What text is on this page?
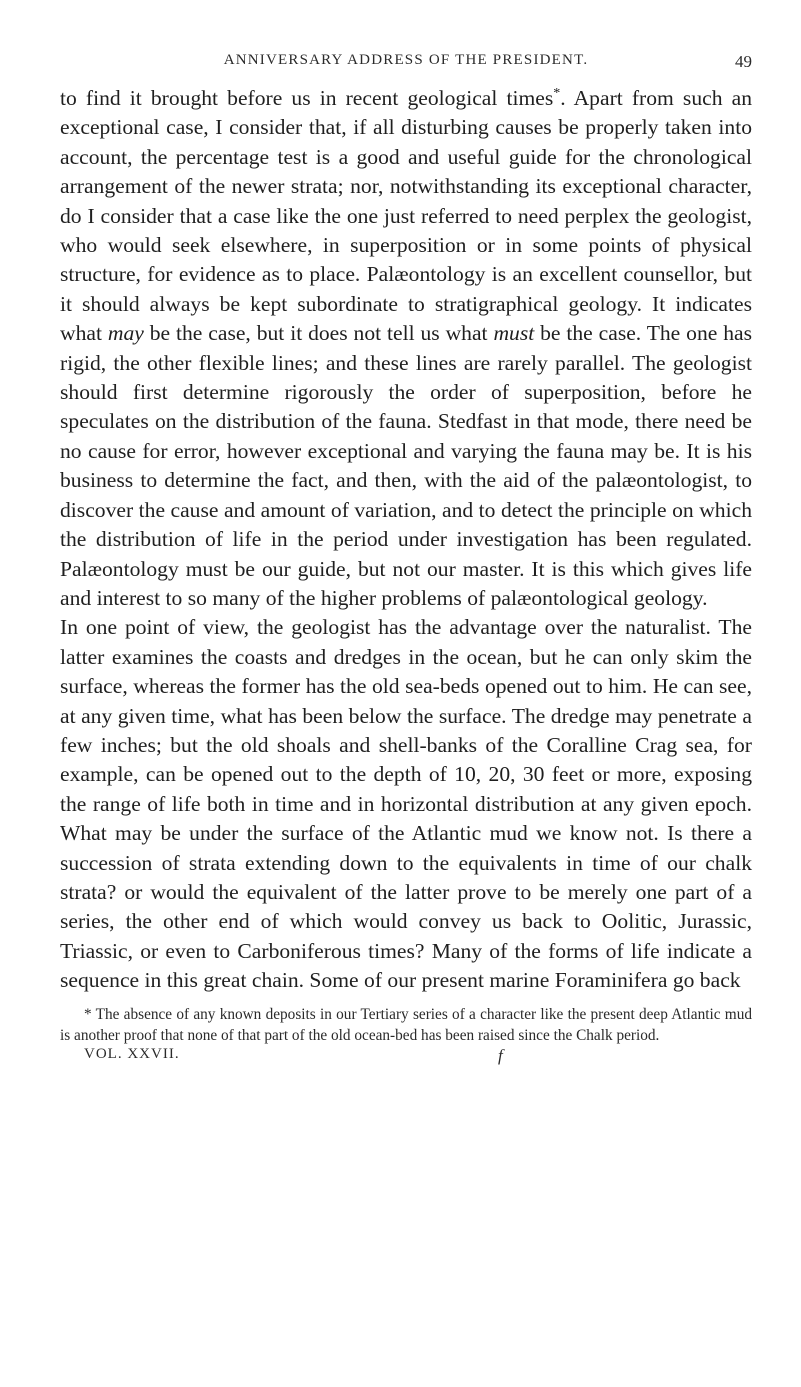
ANNIVERSARY ADDRESS OF THE PRESIDENT.	49

to find it brought before us in recent geological times*. Apart from such an exceptional case, I consider that, if all disturbing causes be properly taken into account, the percentage test is a good and useful guide for the chronological arrangement of the newer strata; nor, notwithstanding its exceptional character, do I consider that a case like the one just referred to need perplex the geologist, who would seek elsewhere, in superposition or in some points of physical structure, for evidence as to place. Palæontology is an excellent counsellor, but it should always be kept subordinate to stratigraphical geology. It indicates what may be the case, but it does not tell us what must be the case. The one has rigid, the other flexible lines; and these lines are rarely parallel. The geologist should first determine rigorously the order of superposition, before he speculates on the distribution of the fauna. Stedfast in that mode, there need be no cause for error, however exceptional and varying the fauna may be. It is his business to determine the fact, and then, with the aid of the palæontologist, to discover the cause and amount of variation, and to detect the principle on which the distribution of life in the period under investigation has been regulated. Palæontology must be our guide, but not our master. It is this which gives life and interest to so many of the higher problems of palæontological geology.

In one point of view, the geologist has the advantage over the naturalist. The latter examines the coasts and dredges in the ocean, but he can only skim the surface, whereas the former has the old sea-beds opened out to him. He can see, at any given time, what has been below the surface. The dredge may penetrate a few inches; but the old shoals and shell-banks of the Coralline Crag sea, for example, can be opened out to the depth of 10, 20, 30 feet or more, exposing the range of life both in time and in horizontal distribution at any given epoch. What may be under the surface of the Atlantic mud we know not. Is there a succession of strata extending down to the equivalents in time of our chalk strata? or would the equivalent of the latter prove to be merely one part of a series, the other end of which would convey us back to Oolitic, Jurassic, Triassic, or even to Carboniferous times? Many of the forms of life indicate a sequence in this great chain. Some of our present marine Foraminifera go back

* The absence of any known deposits in our Tertiary series of a character like the present deep Atlantic mud is another proof that none of that part of the old ocean-bed has been raised since the Chalk period.
VOL. XXVII.	f
